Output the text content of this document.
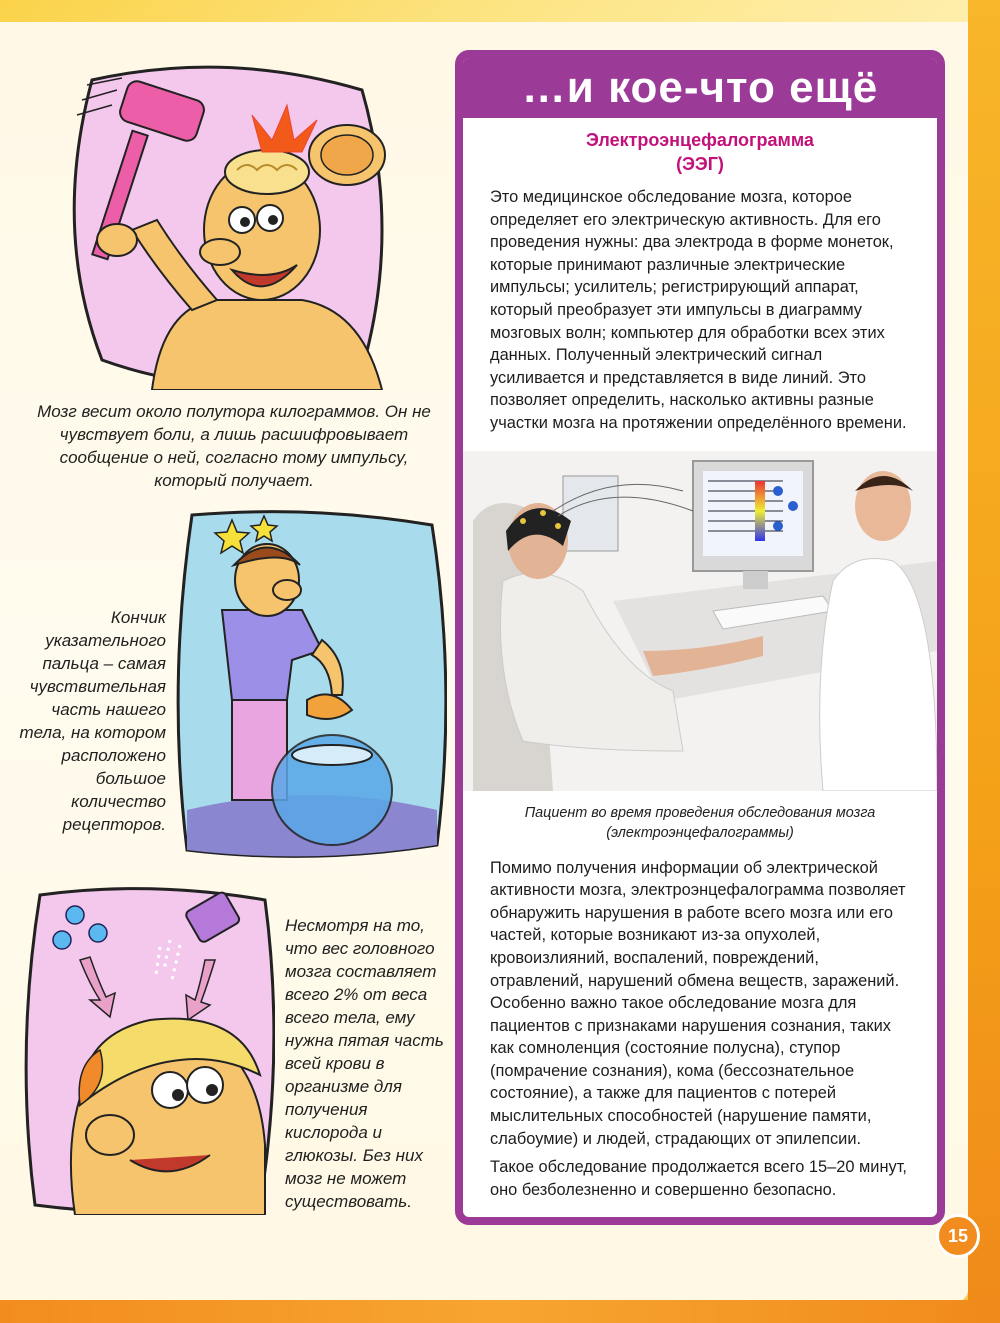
Мозг весит около полутора килограммов. Он не чувствует боли, а лишь расшифровывает сообщение о ней, согласно тому импульсу, который получает.
Кончик указательного пальца – самая чувствительная часть нашего тела, на котором расположено большое количество рецепторов.
Несмотря на то, что вес головного мозга составляет всего 2% от веса всего тела, ему нужна пятая часть всей крови в организме для получения кислорода и глюкозы. Без них мозг не может существовать.
…и кое-что ещё
Электроэнцефалограмма
(ЭЭГ)
Это медицинское обследование мозга, которое определяет его электрическую активность. Для его проведения нужны: два электрода в форме монеток, которые принимают различные электрические импульсы; усилитель; регистрирующий аппарат, который преобразует эти импульсы в диаграмму мозговых волн; компьютер для обработки всех этих данных. Полученный электрический сигнал усиливается и представляется в виде линий. Это позволяет определить, насколько активны разные участки мозга на протяжении определённого времени.
Пациент во время проведения обследования мозга
(электроэнцефалограммы)
Помимо получения информации об электрической активности мозга, электроэнцефалограмма позволяет обнаружить нарушения в работе всего мозга или его частей, которые возникают из-за опухолей, кровоизлияний, воспалений, повреждений, отравлений, нарушений обмена веществ, заражений. Особенно важно такое обследование мозга для пациентов с признаками нарушения сознания, таких как сомноленция (состояние полусна), ступор (помрачение сознания), кома (бессознательное состояние), а также для пациентов с потерей мыслительных способностей (нарушение памяти, слабоумие) и людей, страдающих от эпилепсии.
Такое обследование продолжается всего 15–20 минут, оно безболезненно и совершенно безопасно.
15
